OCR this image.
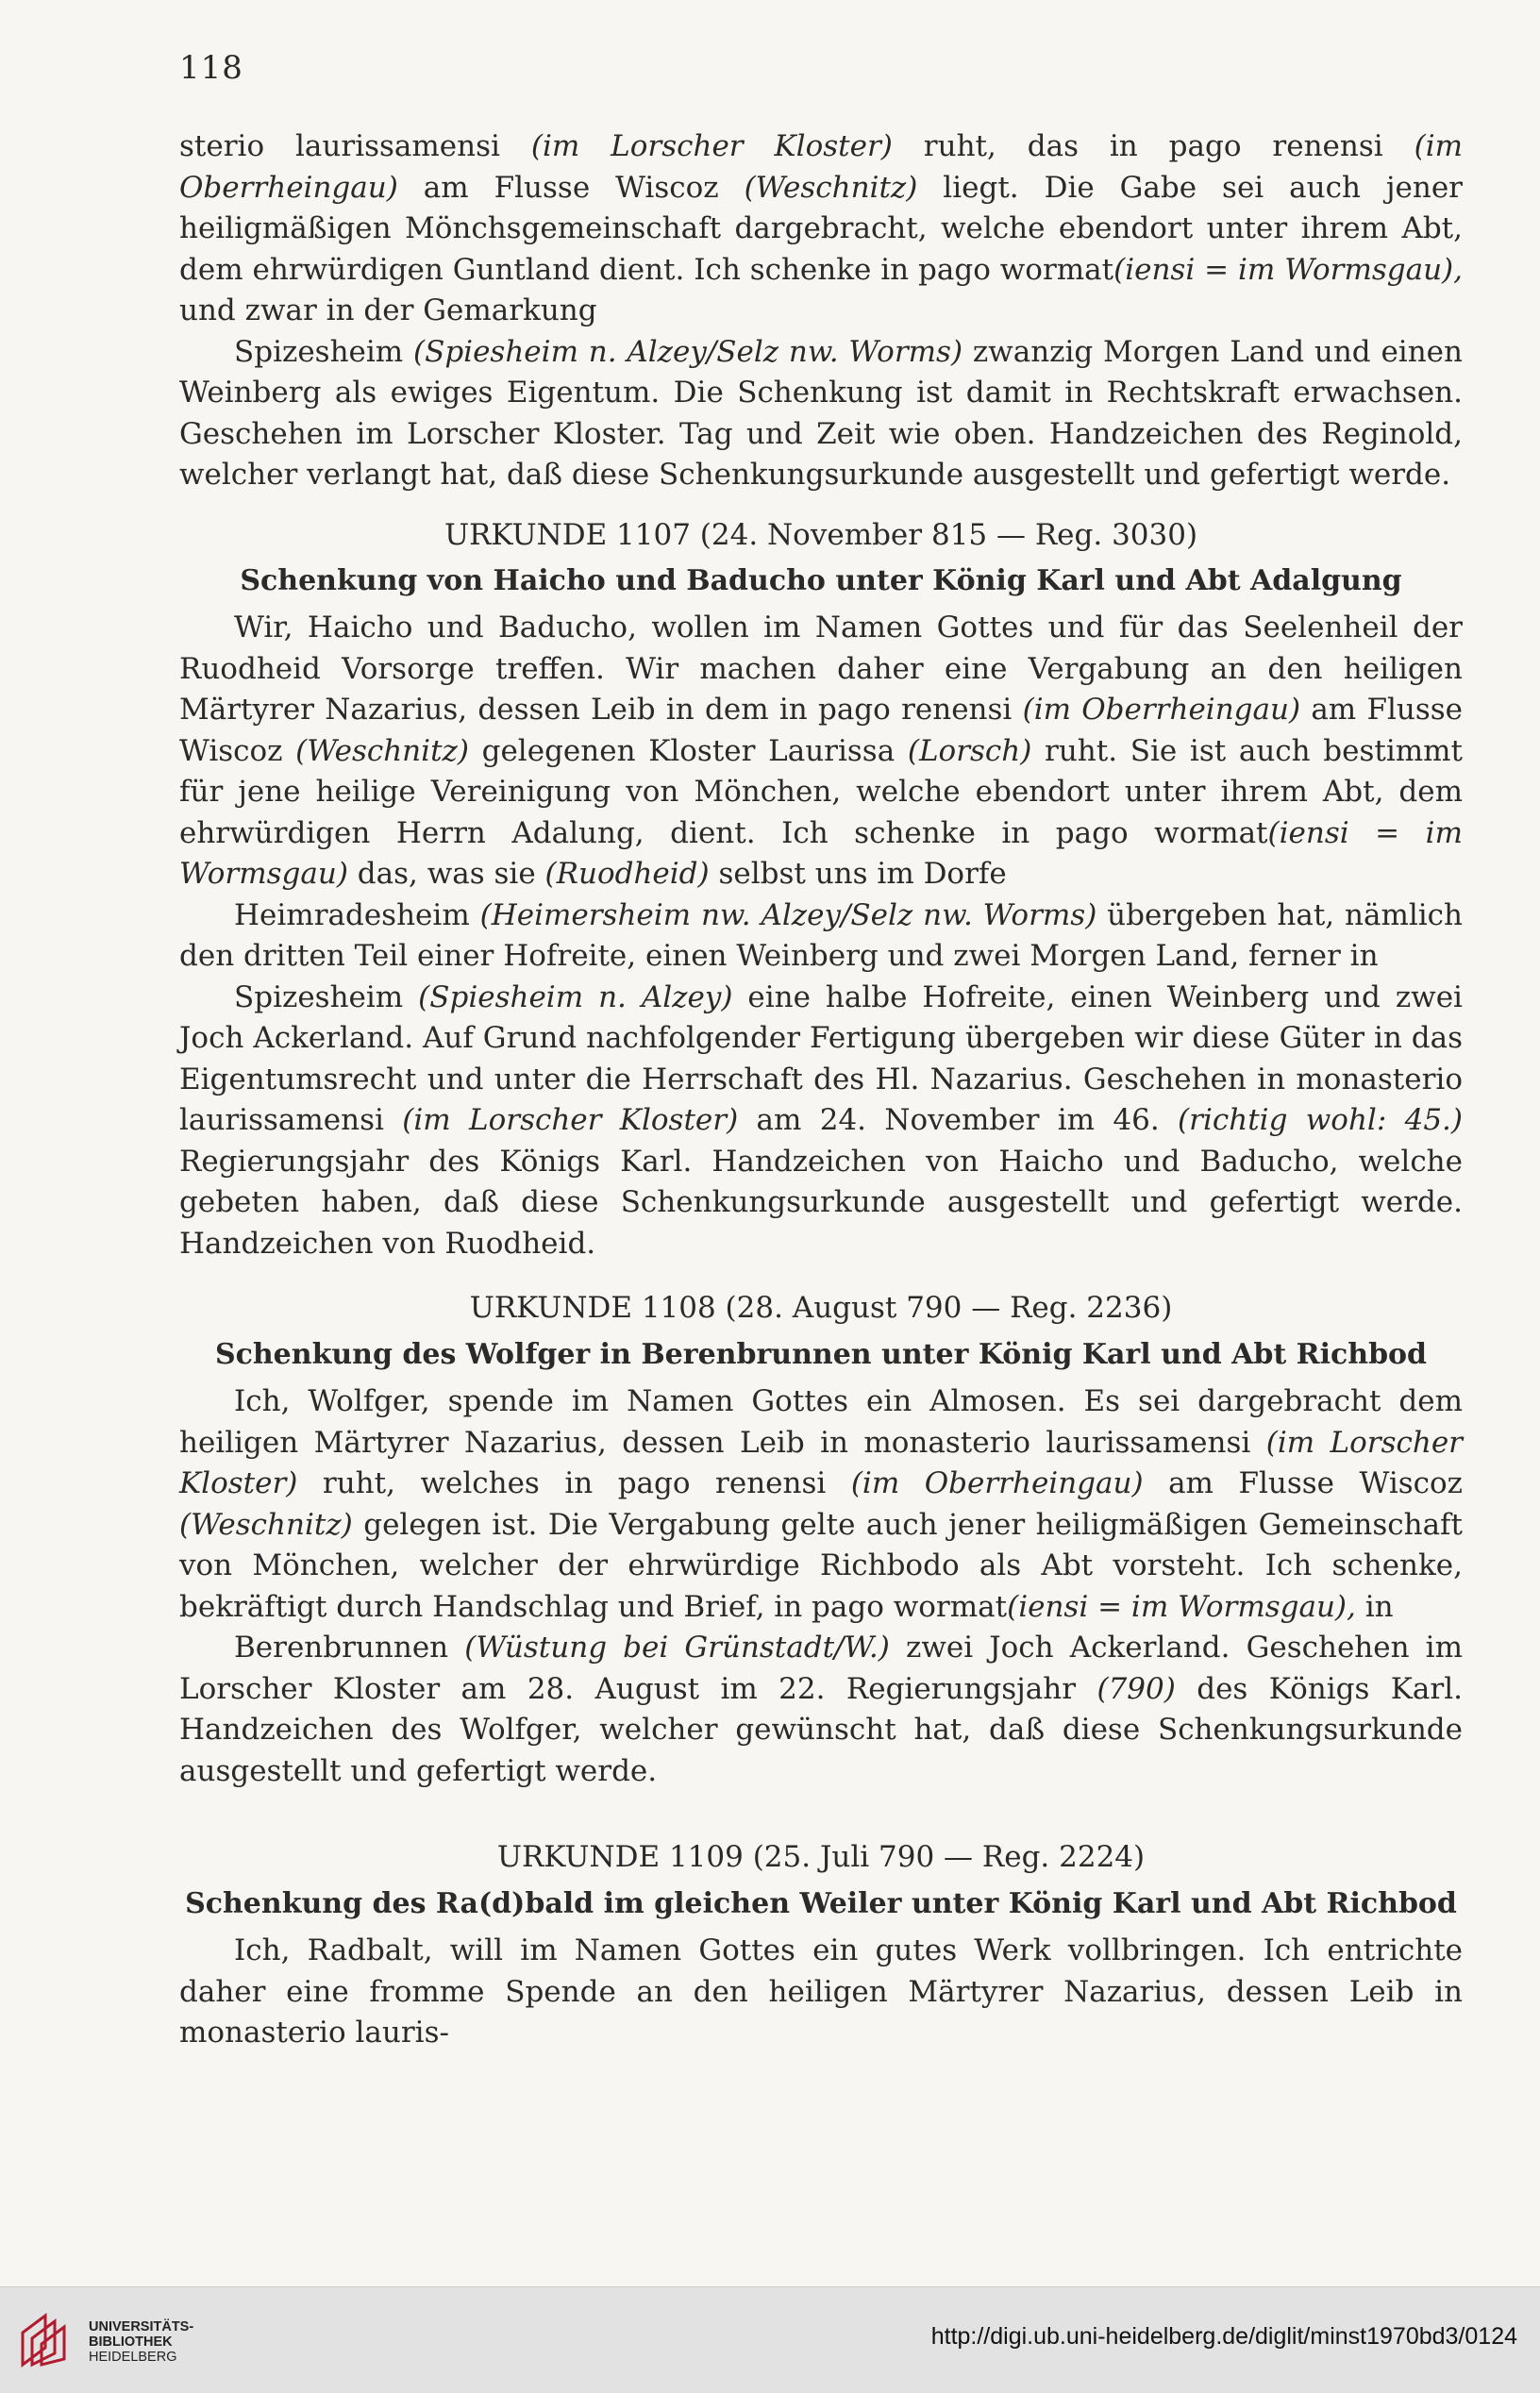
118

sterio laurissamensi (im Lorscher Kloster) ruht, das in pago renensi (im Oberrheingau) am Flusse Wiscoz (Weschnitz) liegt. Die Gabe sei auch jener heiligmäßigen Mönchsgemeinschaft dargebracht, welche ebendort unter ihrem Abt, dem ehrwürdigen Guntland dient. Ich schenke in pago wormat(iensi = im Wormsgau), und zwar in der Gemarkung

Spizesheim (Spiesheim n. Alzey/Selz nw. Worms) zwanzig Morgen Land und einen Weinberg als ewiges Eigentum. Die Schenkung ist damit in Rechtskraft erwachsen. Geschehen im Lorscher Kloster. Tag und Zeit wie oben. Handzeichen des Reginold, welcher verlangt hat, daß diese Schenkungsurkunde ausgestellt und gefertigt werde.

URKUNDE 1107 (24. November 815 — Reg. 3030)
Schenkung von Haicho und Baducho unter König Karl und Abt Adalgung

Wir, Haicho und Baducho, wollen im Namen Gottes und für das Seelenheil der Ruodheid Vorsorge treffen. Wir machen daher eine Vergabung an den heiligen Märtyrer Nazarius, dessen Leib in dem in pago renensi (im Oberrheingau) am Flusse Wiscoz (Weschnitz) gelegenen Kloster Laurissa (Lorsch) ruht. Sie ist auch bestimmt für jene heilige Vereinigung von Mönchen, welche ebendort unter ihrem Abt, dem ehrwürdigen Herrn Adalung, dient. Ich schenke in pago wormat(iensi = im Wormsgau) das, was sie (Ruodheid) selbst uns im Dorfe

Heimradesheim (Heimersheim nw. Alzey/Selz nw. Worms) übergeben hat, nämlich den dritten Teil einer Hofreite, einen Weinberg und zwei Morgen Land, ferner in

Spizesheim (Spiesheim n. Alzey) eine halbe Hofreite, einen Weinberg und zwei Joch Ackerland. Auf Grund nachfolgender Fertigung übergeben wir diese Güter in das Eigentumsrecht und unter die Herrschaft des Hl. Nazarius. Geschehen in monasterio laurissamensi (im Lorscher Kloster) am 24. November im 46. (richtig wohl: 45.) Regierungsjahr des Königs Karl. Handzeichen von Haicho und Baducho, welche gebeten haben, daß diese Schenkungsurkunde ausgestellt und gefertigt werde. Handzeichen von Ruodheid.

URKUNDE 1108 (28. August 790 — Reg. 2236)
Schenkung des Wolfger in Berenbrunnen unter König Karl und Abt Richbod

Ich, Wolfger, spende im Namen Gottes ein Almosen. Es sei dargebracht dem heiligen Märtyrer Nazarius, dessen Leib in monasterio laurissamensi (im Lorscher Kloster) ruht, welches in pago renensi (im Oberrheingau) am Flusse Wiscoz (Weschnitz) gelegen ist. Die Vergabung gelte auch jener heiligmäßigen Gemeinschaft von Mönchen, welcher der ehrwürdige Richbodo als Abt vorsteht. Ich schenke, bekräftigt durch Handschlag und Brief, in pago wormat(iensi = im Wormsgau), in

Berenbrunnen (Wüstung bei Grünstadt/W.) zwei Joch Ackerland. Geschehen im Lorscher Kloster am 28. August im 22. Regierungsjahr (790) des Königs Karl. Handzeichen des Wolfger, welcher gewünscht hat, daß diese Schenkungsurkunde ausgestellt und gefertigt werde.

URKUNDE 1109 (25. Juli 790 — Reg. 2224)
Schenkung des Ra(d)bald im gleichen Weiler unter König Karl und Abt Richbod

Ich, Radbalt, will im Namen Gottes ein gutes Werk vollbringen. Ich entrichte daher eine fromme Spende an den heiligen Märtyrer Nazarius, dessen Leib in monasterio lauris-

UNIVERSITÄTS-
BIBLIOTHEK
HEIDELBERG
http://digi.ub.uni-heidelberg.de/diglit/minst1970bd3/0124
